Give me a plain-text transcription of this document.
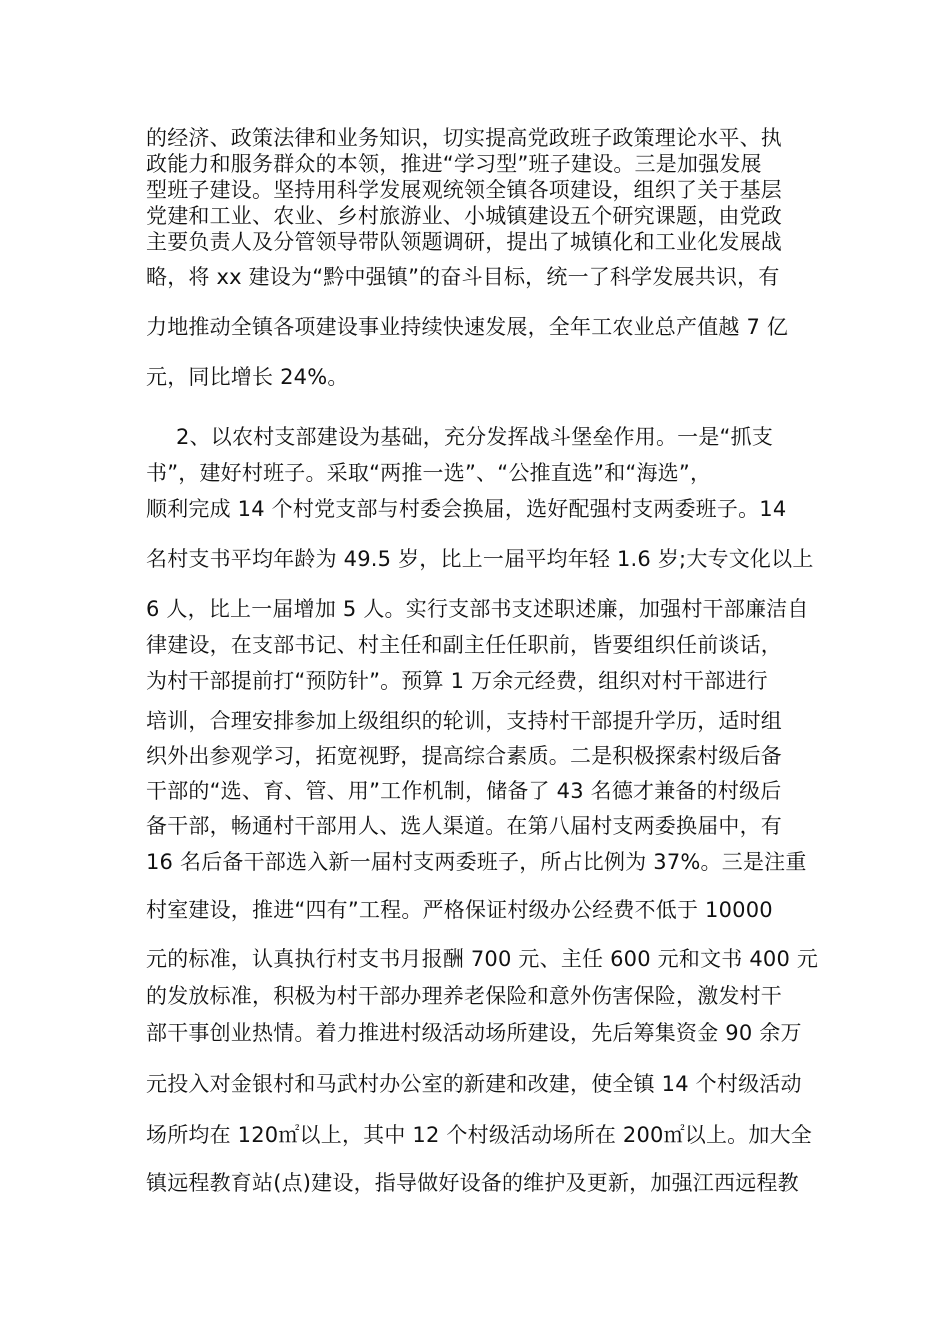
的经济、政策法律和业务知识，切实提高党政班子政策理论水平、执
政能力和服务群众的本领，推进“学习型”班子建设。三是加强发展
型班子建设。坚持用科学发展观统领全镇各项建设，组织了关于基层
党建和工业、农业、乡村旅游业、小城镇建设五个研究课题，由党政
主要负责人及分管领导带队领题调研，提出了城镇化和工业化发展战
略，将 xx 建设为“黔中强镇”的奋斗目标，统一了科学发展共识，有
力地推动全镇各项建设事业持续快速发展，全年工农业总产值越 7 亿
元，同比增长 24%。
2、以农村支部建设为基础，充分发挥战斗堡垒作用。一是“抓支
书”，建好村班子。采取“两推一选”、“公推直选”和“海选”，
顺利完成 14 个村党支部与村委会换届，选好配强村支两委班子。14
名村支书平均年龄为 49.5 岁，比上一届平均年轻 1.6 岁;大专文化以上
6 人，比上一届增加 5 人。实行支部书支述职述廉，加强村干部廉洁自
律建设，在支部书记、村主任和副主任任职前，皆要组织任前谈话，
为村干部提前打“预防针”。预算 1 万余元经费，组织对村干部进行
培训，合理安排参加上级组织的轮训，支持村干部提升学历，适时组
织外出参观学习，拓宽视野，提高综合素质。二是积极探索村级后备
干部的“选、育、管、用”工作机制，储备了 43 名德才兼备的村级后
备干部，畅通村干部用人、选人渠道。在第八届村支两委换届中，有
16 名后备干部选入新一届村支两委班子，所占比例为 37%。三是注重
村室建设，推进“四有”工程。严格保证村级办公经费不低于 10000
元的标准，认真执行村支书月报酬 700 元、主任 600 元和文书 400 元
的发放标准，积极为村干部办理养老保险和意外伤害保险，激发村干
部干事创业热情。着力推进村级活动场所建设，先后筹集资金 90 余万
元投入对金银村和马武村办公室的新建和改建，使全镇 14 个村级活动
场所均在 120㎡以上，其中 12 个村级活动场所在 200㎡以上。加大全
镇远程教育站(点)建设，指导做好设备的维护及更新，加强江西远程教
